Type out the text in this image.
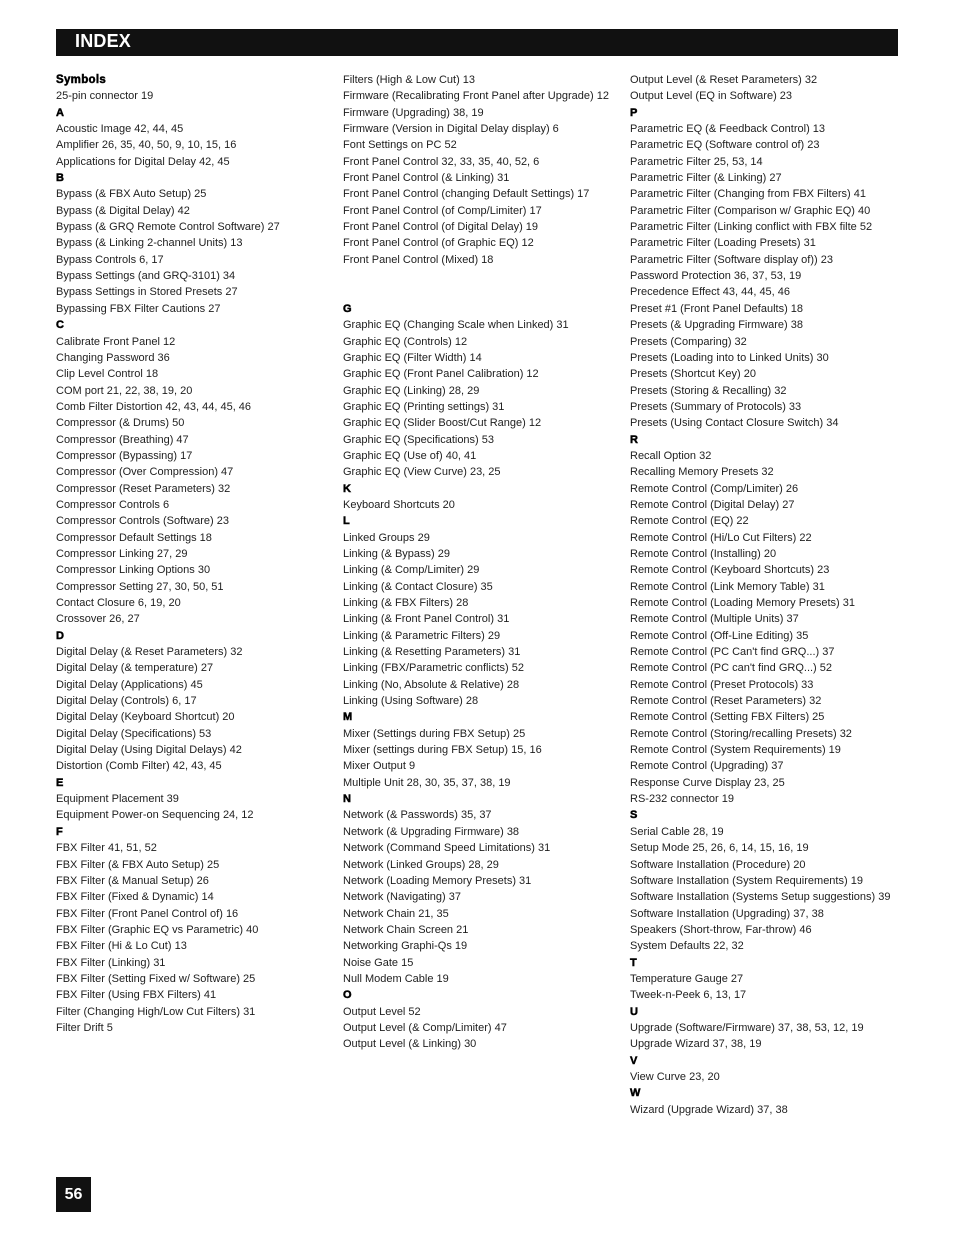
INDEX
Symbols
25-pin connector 19
A
Acoustic Image 42, 44, 45
Amplifier 26, 35, 40, 50, 9, 10, 15, 16
Applications for Digital Delay 42, 45
B
Bypass (& FBX Auto Setup) 25
Bypass (& Digital Delay) 42
Bypass (& GRQ Remote Control Software) 27
Bypass (& Linking 2-channel Units) 13
Bypass Controls 6, 17
Bypass Settings (and GRQ-3101) 34
Bypass Settings in Stored Presets 27
Bypassing FBX Filter Cautions 27
C
Calibrate Front Panel 12
Changing Password 36
Clip Level Control 18
COM port 21, 22, 38, 19, 20
Comb Filter Distortion 42, 43, 44, 45, 46
Compressor (& Drums) 50
Compressor (Breathing) 47
Compressor (Bypassing) 17
Compressor (Over Compression) 47
Compressor (Reset Parameters) 32
Compressor Controls 6
Compressor Controls (Software) 23
Compressor Default Settings 18
Compressor Linking 27, 29
Compressor Linking Options 30
Compressor Setting 27, 30, 50, 51
Contact Closure 6, 19, 20
Crossover 26, 27
D
Digital Delay (& Reset Parameters) 32
Digital Delay (& temperature) 27
Digital Delay (Applications) 45
Digital Delay (Controls) 6, 17
Digital Delay (Keyboard Shortcut) 20
Digital Delay (Specifications) 53
Digital Delay (Using Digital Delays) 42
Distortion (Comb Filter) 42, 43, 45
E
Equipment Placement 39
Equipment Power-on Sequencing 24, 12
F
FBX Filter 41, 51, 52
FBX Filter (& FBX Auto Setup) 25
FBX Filter (& Manual Setup) 26
FBX Filter (Fixed & Dynamic) 14
FBX Filter (Front Panel Control of) 16
FBX Filter (Graphic EQ vs Parametric) 40
FBX Filter (Hi & Lo Cut) 13
FBX Filter (Linking) 31
FBX Filter (Setting Fixed w/ Software) 25
FBX Filter (Using FBX Filters) 41
Filter (Changing High/Low Cut Filters) 31
Filter Drift 5
Filters (High & Low Cut) 13
Firmware (Recalibrating Front Panel after Upgrade) 12
Firmware (Upgrading) 38, 19
Firmware (Version in Digital Delay display) 6
Font Settings on PC 52
Front Panel Control 32, 33, 35, 40, 52, 6
Front Panel Control (& Linking) 31
Front Panel Control (changing Default Settings) 17
Front Panel Control (of Comp/Limiter) 17
Front Panel Control (of Digital Delay) 19
Front Panel Control (of Graphic EQ) 12
Front Panel Control (Mixed) 18
G
Graphic EQ (Changing Scale when Linked) 31
Graphic EQ (Controls) 12
Graphic EQ (Filter Width) 14
Graphic EQ (Front Panel Calibration) 12
Graphic EQ (Linking) 28, 29
Graphic EQ (Printing settings) 31
Graphic EQ (Slider Boost/Cut Range) 12
Graphic EQ (Specifications) 53
Graphic EQ (Use of) 40, 41
Graphic EQ (View Curve) 23, 25
K
Keyboard Shortcuts 20
L
Linked Groups 29
Linking (& Bypass) 29
Linking (& Comp/Limiter) 29
Linking (& Contact Closure) 35
Linking (& FBX Filters) 28
Linking (& Front Panel Control) 31
Linking (& Parametric Filters) 29
Linking (& Resetting Parameters) 31
Linking (FBX/Parametric conflicts) 52
Linking (No, Absolute & Relative) 28
Linking (Using Software) 28
M
Mixer (Settings during FBX Setup) 25
Mixer (settings during FBX Setup) 15, 16
Mixer Output 9
Multiple Unit 28, 30, 35, 37, 38, 19
N
Network (& Passwords) 35, 37
Network (& Upgrading Firmware) 38
Network (Command Speed Limitations) 31
Network (Linked Groups) 28, 29
Network (Loading Memory Presets) 31
Network (Navigating) 37
Network Chain 21, 35
Network Chain Screen 21
Networking Graphi-Qs 19
Noise Gate 15
Null Modem Cable 19
O
Output Level 52
Output Level (& Comp/Limiter) 47
Output Level (& Linking) 30
Output Level (& Reset Parameters) 32
Output Level (EQ in Software) 23
P
Parametric EQ (& Feedback Control) 13
Parametric EQ (Software control of) 23
Parametric Filter 25, 53, 14
Parametric Filter (& Linking) 27
Parametric Filter (Changing from FBX Filters) 41
Parametric Filter (Comparison w/ Graphic EQ) 40
Parametric Filter (Linking conflict with FBX filte 52
Parametric Filter (Loading Presets) 31
Parametric Filter (Software display of)) 23
Password Protection 36, 37, 53, 19
Precedence Effect 43, 44, 45, 46
Preset #1 (Front Panel Defaults) 18
Presets (& Upgrading Firmware) 38
Presets (Comparing) 32
Presets (Loading into to Linked Units) 30
Presets (Shortcut Key) 20
Presets (Storing & Recalling) 32
Presets (Summary of Protocols) 33
Presets (Using Contact Closure Switch) 34
R
Recall Option 32
Recalling Memory Presets 32
Remote Control (Comp/Limiter) 26
Remote Control (Digital Delay) 27
Remote Control (EQ) 22
Remote Control (Hi/Lo Cut Filters) 22
Remote Control (Installing) 20
Remote Control (Keyboard Shortcuts) 23
Remote Control (Link Memory Table) 31
Remote Control (Loading Memory Presets) 31
Remote Control (Multiple Units) 37
Remote Control (Off-Line Editing) 35
Remote Control (PC Can't find GRQ...) 37
Remote Control (PC can't find GRQ...) 52
Remote Control (Preset Protocols) 33
Remote Control (Reset Parameters) 32
Remote Control (Setting FBX Filters) 25
Remote Control (Storing/recalling Presets) 32
Remote Control (System Requirements) 19
Remote Control (Upgrading) 37
Response Curve Display 23, 25
RS-232 connector 19
S
Serial Cable 28, 19
Setup Mode 25, 26, 6, 14, 15, 16, 19
Software Installation (Procedure) 20
Software Installation (System Requirements) 19
Software Installation (Systems Setup suggestions) 39
Software Installation (Upgrading) 37, 38
Speakers (Short-throw, Far-throw) 46
System Defaults 22, 32
T
Temperature Gauge 27
Tweek-n-Peek 6, 13, 17
U
Upgrade (Software/Firmware) 37, 38, 53, 12, 19
Upgrade Wizard 37, 38, 19
V
View Curve 23, 20
W
Wizard (Upgrade Wizard) 37, 38
56
